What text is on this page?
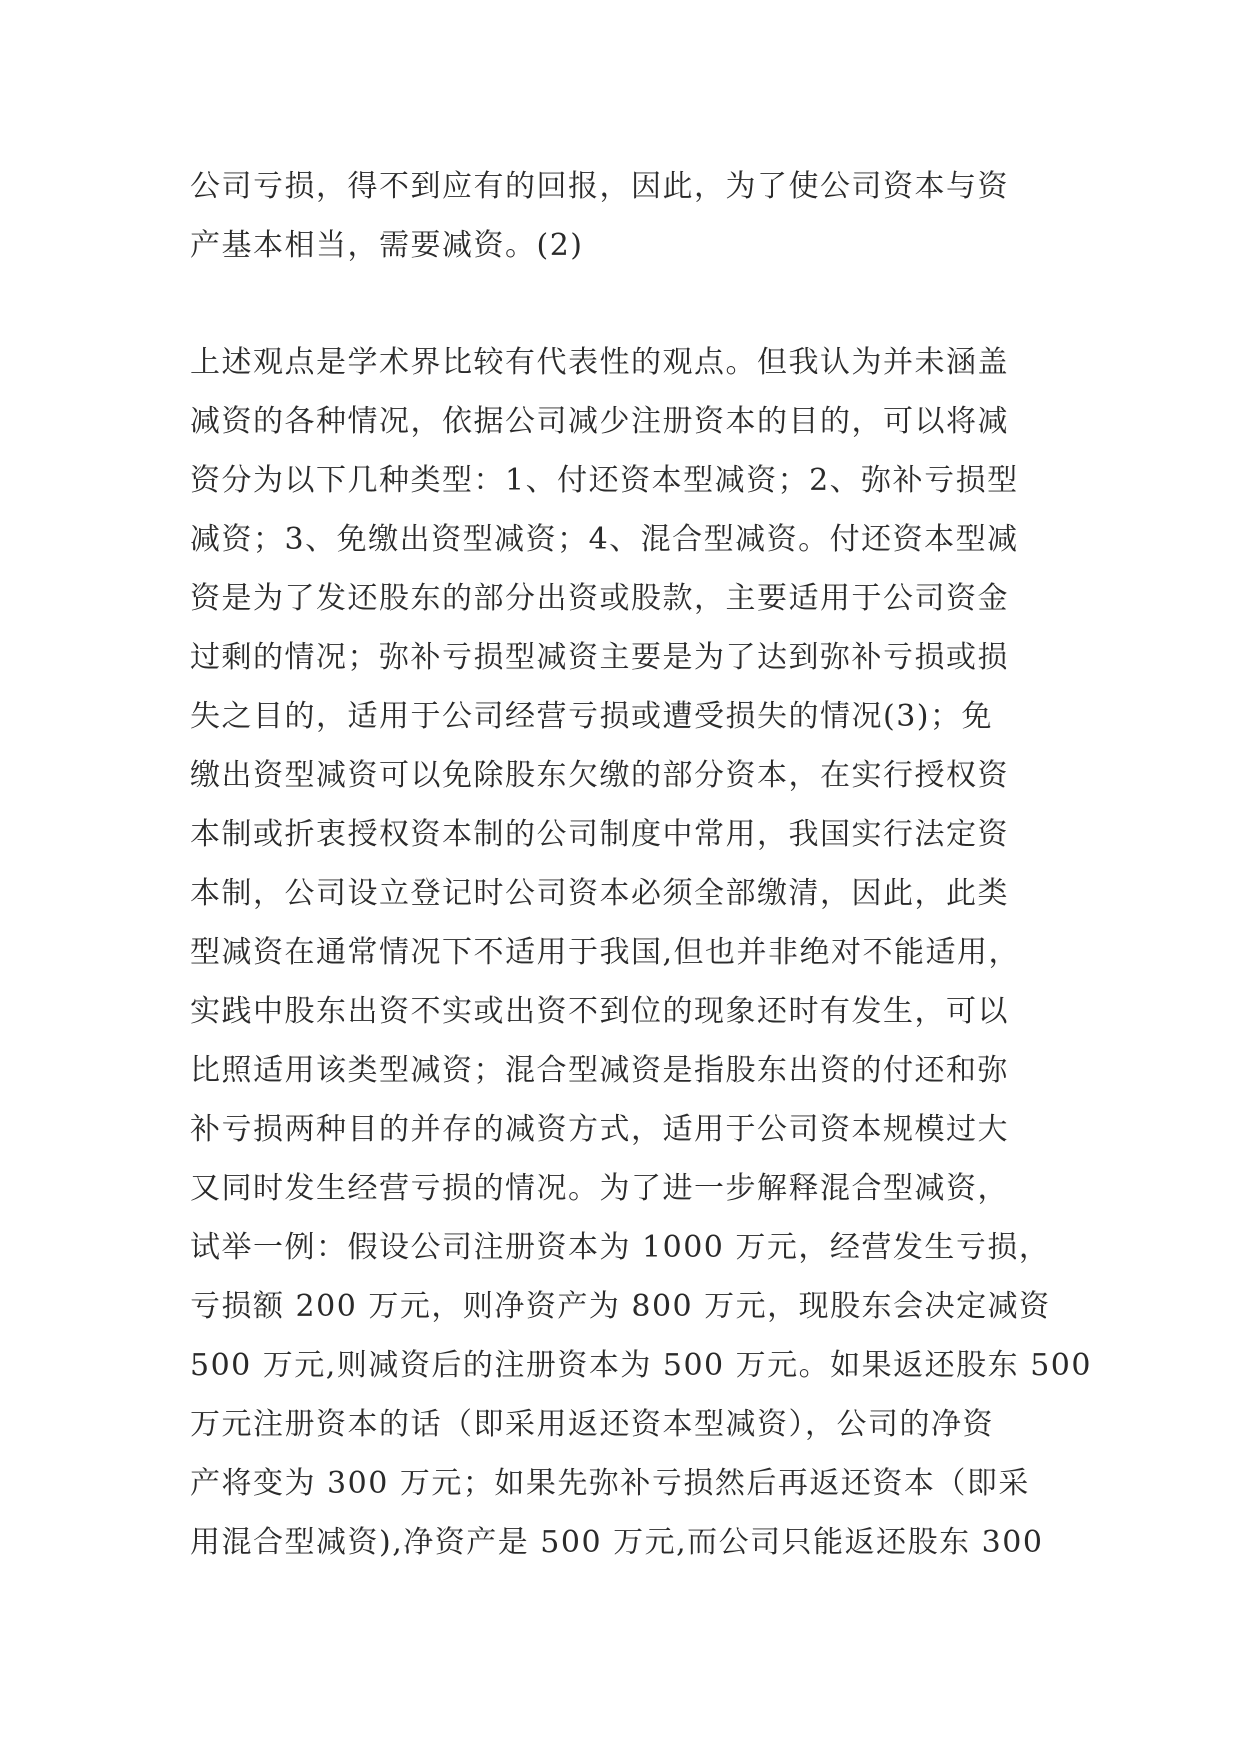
公司亏损，得不到应有的回报，因此，为了使公司资本与资
产基本相当，需要减资。(2)

上述观点是学术界比较有代表性的观点。但我认为并未涵盖
减资的各种情况，依据公司减少注册资本的目的，可以将减
资分为以下几种类型：1、付还资本型减资；2、弥补亏损型
减资；3、免缴出资型减资；4、混合型减资。付还资本型减
资是为了发还股东的部分出资或股款，主要适用于公司资金
过剩的情况；弥补亏损型减资主要是为了达到弥补亏损或损
失之目的，适用于公司经营亏损或遭受损失的情况(3)；免
缴出资型减资可以免除股东欠缴的部分资本，在实行授权资
本制或折衷授权资本制的公司制度中常用，我国实行法定资
本制，公司设立登记时公司资本必须全部缴清，因此，此类
型减资在通常情况下不适用于我国,但也并非绝对不能适用，
实践中股东出资不实或出资不到位的现象还时有发生，可以
比照适用该类型减资；混合型减资是指股东出资的付还和弥
补亏损两种目的并存的减资方式，适用于公司资本规模过大
又同时发生经营亏损的情况。为了进一步解释混合型减资，
试举一例：假设公司注册资本为 1000 万元，经营发生亏损，
亏损额 200 万元，则净资产为 800 万元，现股东会决定减资
500 万元,则减资后的注册资本为 500 万元。如果返还股东 500
万元注册资本的话（即采用返还资本型减资），公司的净资
产将变为 300 万元；如果先弥补亏损然后再返还资本（即采
用混合型减资),净资产是 500 万元,而公司只能返还股东 300
